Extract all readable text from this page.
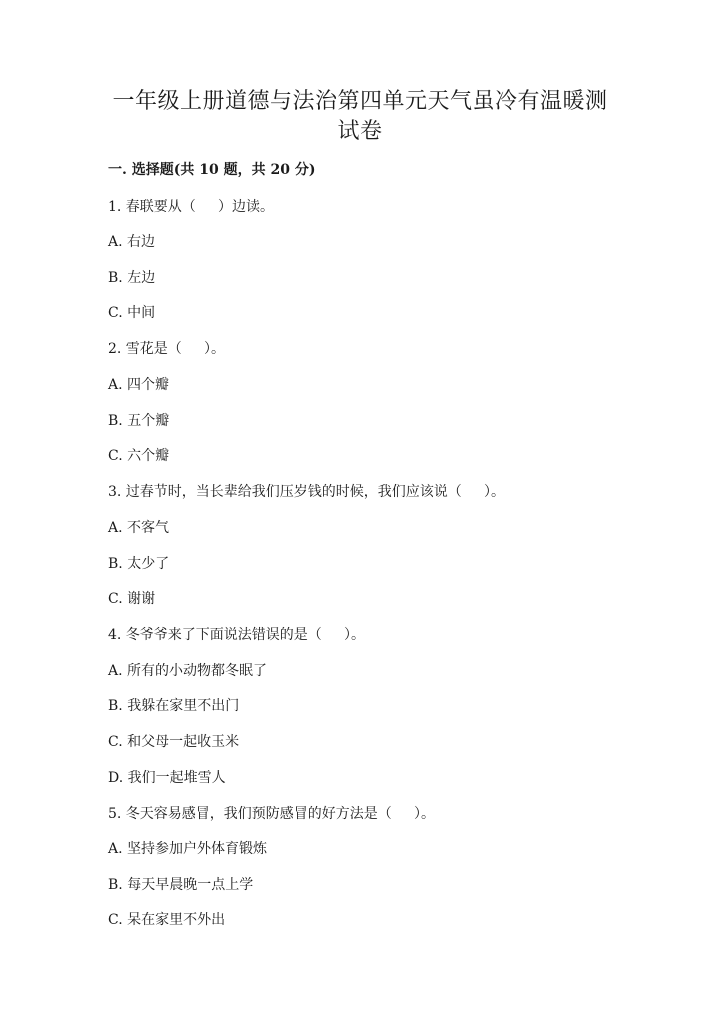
一年级上册道德与法治第四单元天气虽冷有温暖测
试卷
一. 选择题(共 10 题，共 20 分)
1. 春联要从（     ）边读。
A. 右边
B. 左边
C. 中间
2. 雪花是（     ）。
A. 四个瓣
B. 五个瓣
C. 六个瓣
3. 过春节时，当长辈给我们压岁钱的时候，我们应该说（     ）。
A. 不客气
B. 太少了
C. 谢谢
4. 冬爷爷来了下面说法错误的是（     ）。
A. 所有的小动物都冬眠了
B. 我躲在家里不出门
C. 和父母一起收玉米
D. 我们一起堆雪人
5. 冬天容易感冒，我们预防感冒的好方法是（     ）。
A. 坚持参加户外体育锻炼
B. 每天早晨晚一点上学
C. 呆在家里不外出
